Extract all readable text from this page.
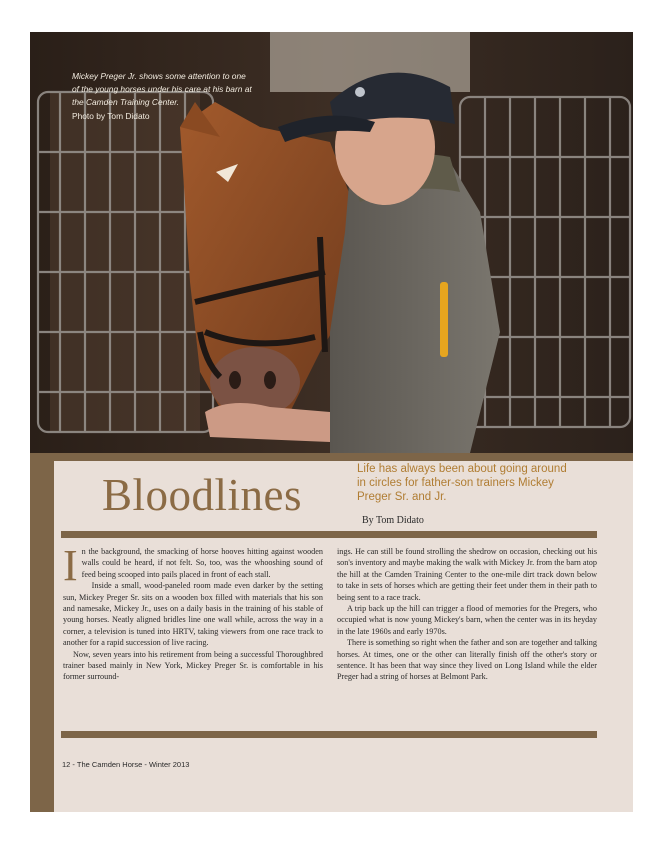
Mickey Preger Jr. shows some attention to one of the young horses under his care at his barn at the Camden Training Center.
Photo by Tom Didato
Bloodlines
Life has always been about going around in circles for father-son trainers Mickey Preger Sr. and Jr.
By Tom Didato

In the background, the smacking of horse hooves hitting against wooden walls could be heard, if not felt. So, too, was the whooshing sound of feed being scooped into pails placed in front of each stall.

Inside a small, wood-paneled room made even darker by the setting sun, Mickey Preger Sr. sits on a wooden box filled with materials that his son and namesake, Mickey Jr., uses on a daily basis in the training of his stable of young horses. Neatly aligned bridles line one wall while, across the way in a corner, a television is tuned into HRTV, taking viewers from one race track to another for a rapid succession of live racing.

Now, seven years into his retirement from being a successful Thoroughbred trainer based mainly in New York, Mickey Preger Sr. is comfortable in his former surround-

ings. He can still be found strolling the shedrow on occasion, checking out his son's inventory and maybe making the walk with Mickey Jr. from the barn atop the hill at the Camden Training Center to the one-mile dirt track down below to take in sets of horses which are getting their feet under them in their path to being sent to a race track.

A trip back up the hill can trigger a flood of memories for the Pregers, who occupied what is now young Mickey's barn, when the center was in its heyday in the late 1960s and early 1970s.

There is something so right when the father and son are together and talking horses. At times, one or the other can literally finish off the other's story or sentence. It has been that way since they lived on Long Island while the elder Preger had a string of horses at Belmont Park.

12 - The Camden Horse - Winter 2013
